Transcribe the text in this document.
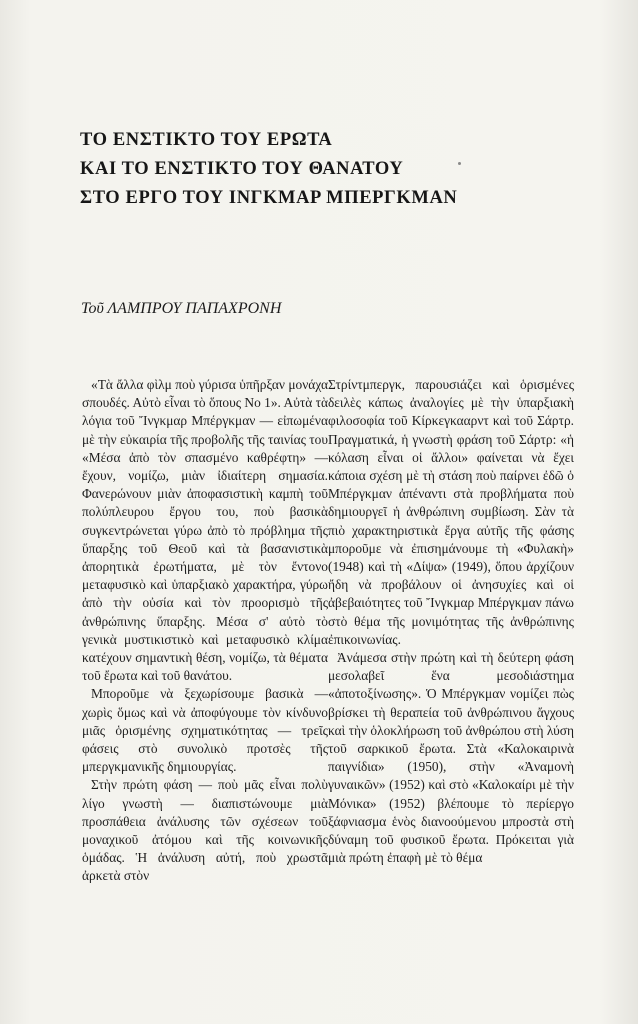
ΤΟ ΕΝΣΤΙΚΤΟ ΤΟΥ ΕΡΩΤΑ
ΚΑΙ ΤΟ ΕΝΣΤΙΚΤΟ ΤΟΥ ΘΑΝΑΤΟΥ
ΣΤΟ ΕΡΓΟ ΤΟΥ ΙΝΓΚΜΑΡ ΜΠΕΡΓΚΜΑΝ
Τοῦ ΛΑΜΠΡΟΥ ΠΑΠΑΧΡΟΝΗ

«Τὰ ἄλλα φὶλμ ποὺ γύρισα ὑπῆρξαν μονάχα σπουδές. Αὐτὸ εἶναι τὸ ὅπους Νο 1». Αὐτὰ τὰ λόγια τοῦ Ἴνγκμαρ Μπέργκμαν — εἰπωμένα μὲ τὴν εὐκαιρία τῆς προβολῆς τῆς ταινίας του «Μέσα ἀπὸ τὸν σπασμένο καθρέφτη» — ἔχουν, νομίζω, μιὰν ἰδιαίτερη σημασία. Φανερώνουν μιὰν ἀποφασιστικὴ καμπὴ τοῦ πολύπλευρου ἔργου του, ποὺ βασικὰ συγκεντρώνεται γύρω ἀπὸ τὸ πρόβλημα τῆς ὕπαρξης τοῦ Θεοῦ καὶ τὰ βασανιστικὰ ἀπορητικὰ ἐρωτήματα, μὲ τὸν ἔντονο μεταφυσικὸ καὶ ὑπαρξιακὸ χαρακτήρα, γύρω ἀπὸ τὴν οὐσία καὶ τὸν προορισμὸ τῆς ἀνθρώπινης ὕπαρξης. Μέσα σ' αὐτὸ τὸ γενικὰ μυστικιστικὸ καὶ μεταφυσικὸ κλίμα κατέχουν σημαντικὴ θέση, νομίζω, τὰ θέματα τοῦ ἔρωτα καὶ τοῦ θανάτου.

Μποροῦμε νὰ ξεχωρίσουμε βασικὰ — χωρὶς ὅμως καὶ νὰ ἀποφύγουμε τὸν κίνδυνο μιᾶς ὁρισμένης σχηματικότητας — τρεῖς φάσεις στὸ συνολικὸ προτσὲς τῆς μπεργκμανικῆς δημιουργίας.

Στὴν πρώτη φάση — ποὺ μᾶς εἶναι πολὺ λίγο γνωστὴ — διαπιστώνουμε μιὰ προσπάθεια ἀνάλυσης τῶν σχέσεων τοῦ μοναχικοῦ ἀτόμου καὶ τῆς κοινωνικῆς ὁμάδας. Ἡ ἀνάλυση αὐτή, ποὺ χρωστᾶ ἀρκετὰ στὸν

Στρίντμπεργκ, παρουσιάζει καὶ ὁρισμένες δειλὲς κάπως ἀναλογίες μὲ τὴν ὑπαρξιακὴ φιλοσοφία τοῦ Κίρκεγκααρντ καὶ τοῦ Σάρτρ. Πραγματικά, ἡ γνωστὴ φράση τοῦ Σάρτρ: «ἡ κόλαση εἶναι οἱ ἄλλοι» φαίνεται νὰ ἔχει κάποια σχέση μὲ τὴ στάση ποὺ παίρνει ἐδῶ ὁ Μπέργκμαν ἀπέναντι στὰ προβλήματα ποὺ δημιουργεῖ ἡ ἀνθρώπινη συμβίωση. Σὰν τὰ πιὸ χαρακτηριστικὰ ἔργα αὐτῆς τῆς φάσης μποροῦμε νὰ ἐπισημάνουμε τὴ «Φυλακὴ» (1948) καὶ τὴ «Δίψα» (1949), ὅπου ἀρχίζουν ἤδη νὰ προβάλουν οἱ ἀνησυχίες καὶ οἱ ἀβεβαιότητες τοῦ Ἴνγκμαρ Μπέργκμαν πάνω στὸ θέμα τῆς μονιμότητας τῆς ἀνθρώπινης ἐπικοινωνίας.

Ἀνάμεσα στὴν πρώτη καὶ τὴ δεύτερη φάση μεσολαβεῖ ἕνα μεσοδιάστημα «ἀποτοξίνωσης». Ὁ Μπέργκμαν νομίζει πὼς βρίσκει τὴ θεραπεία τοῦ ἀνθρώπινου ἄγχους καὶ τὴν ὁλοκλήρωση τοῦ ἀνθρώπου στὴ λύση τοῦ σαρκικοῦ ἔρωτα. Στὰ «Καλοκαιρινὰ παιγνίδια» (1950), στὴν «Ἀναμονὴ γυναικῶν» (1952) καὶ στὸ «Καλοκαίρι μὲ τὴν Μόνικα» (1952) βλέπουμε τὸ περίεργο ξάφνιασμα ἑνὸς διανοούμενου μπροστὰ στὴ δύναμη τοῦ φυσικοῦ ἔρωτα. Πρόκειται γιὰ μιὰ πρώτη ἐπαφὴ μὲ τὸ θέμα
